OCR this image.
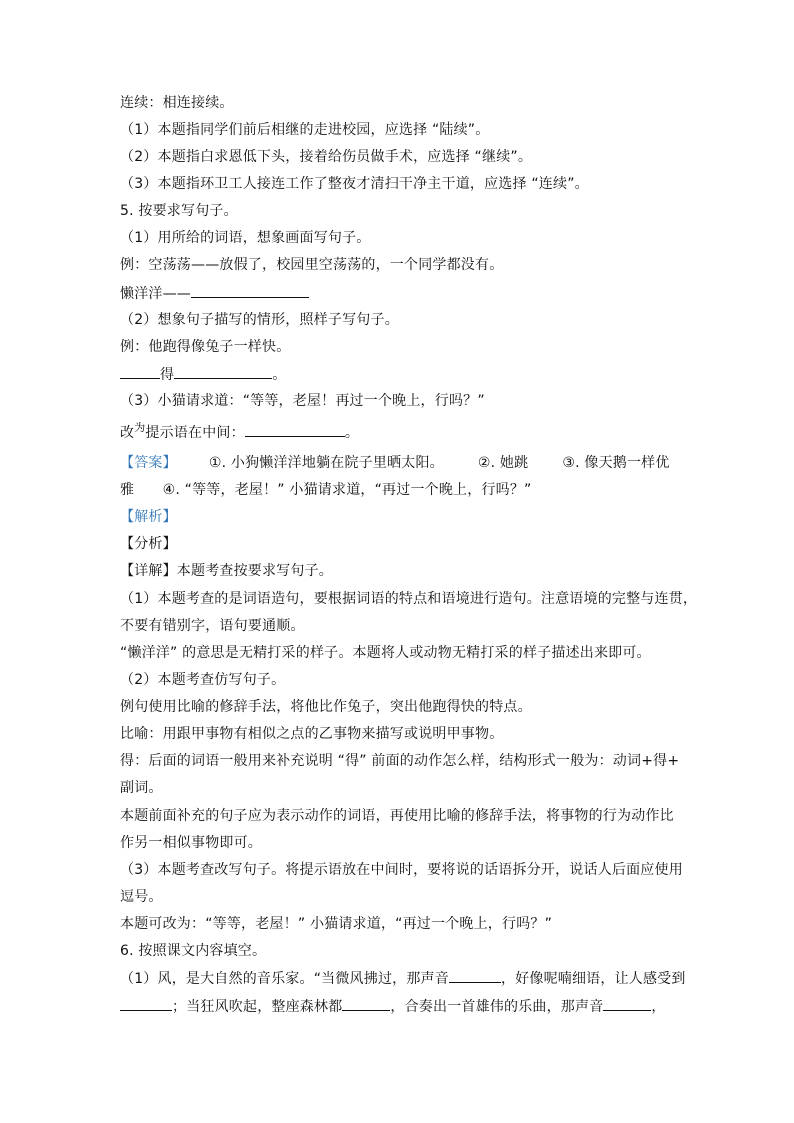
连续：相连接续。
（1）本题指同学们前后相继的走进校园，应选择 “陆续”。
（2）本题指白求恩低下头，接着给伤员做手术，应选择 “继续”。
（3）本题指环卫工人接连工作了整夜才清扫干净主干道，应选择 “连续”。
5. 按要求写句子。
（1）用所给的词语，想象画面写句子。
例：空荡荡——放假了，校园里空荡荡的，一个同学都没有。
懒洋洋——
（2）想象句子描写的情形，照样子写句子。
例：他跑得像兔子一样快。
得	。
（3）小猫请求道：“等等，老屋！再过一个晚上，行吗？”
改$^为$提示语在中间：	。
【答案】 ①. 小狗懒洋洋地躺在院子里晒太阳。 ②. 她跳 ③. 像天鹅一样优
雅　　④. “等等，老屋！” 小猫请求道，“再过一个晚上，行吗？”
【解析】
【分析】
【详解】本题考查按要求写句子。
（1）本题考查的是词语造句，要根据词语的特点和语境进行造句。注意语境的完整与连贯，
不要有错别字，语句要通顺。
“懒洋洋” 的意思是无精打采的样子。本题将人或动物无精打采的样子描述出来即可。
（2）本题考查仿写句子。
例句使用比喻的修辞手法，将他比作兔子，突出他跑得快的特点。
比喻：用跟甲事物有相似之点的乙事物来描写或说明甲事物。
得：后面的词语一般用来补充说明 “得” 前面的动作怎么样，结构形式一般为：动词+得+
副词。
本题前面补充的句子应为表示动作的词语，再使用比喻的修辞手法，将事物的行为动作比
作另一相似事物即可。
（3）本题考查改写句子。将提示语放在中间时，要将说的话语拆分开，说话人后面应使用
逗号。
本题可改为：“等等，老屋！” 小猫请求道，“再过一个晚上，行吗？”
6. 按照课文内容填空。
（1）风，是大自然的音乐家。“当微风拂过，那声音	，好像呢喃细语，让人感受到
；当狂风吹起，整座森林都	，合奏出一首雄伟的乐曲，那声音	，
